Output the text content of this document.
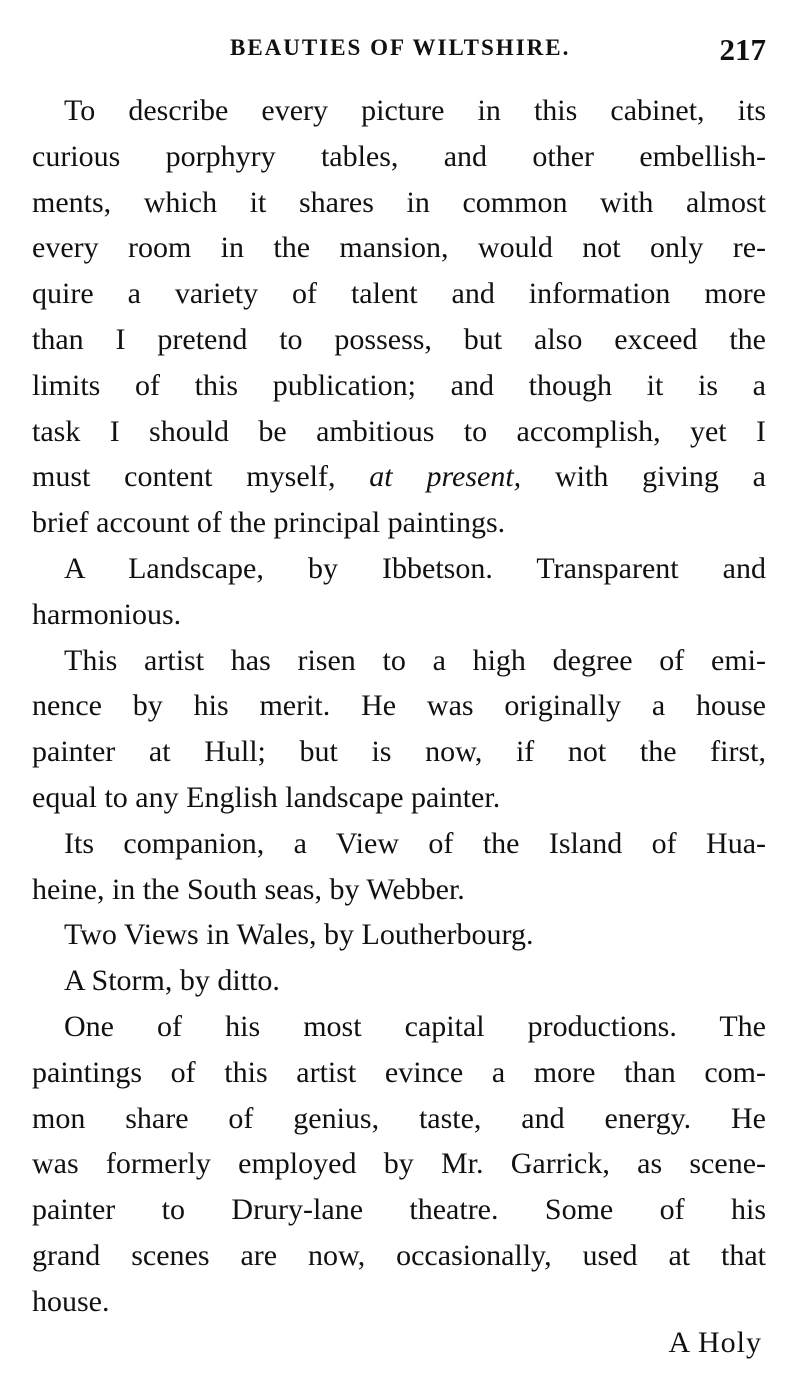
BEAUTIES OF WILTSHIRE.	217

To describe every picture in this cabinet, its
curious porphyry tables, and other embellish-
ments, which it shares in common with almost
every room in the mansion, would not only re-
quire a variety of talent and information more
than I pretend to possess, but also exceed the
limits of this publication; and though it is a
task I should be ambitious to accomplish, yet I
must content myself, at present, with giving a
brief account of the principal paintings.

A Landscape, by Ibbetson. Transparent and
harmonious.

This artist has risen to a high degree of emi-
nence by his merit. He was originally a house
painter at Hull; but is now, if not the first,
equal to any English landscape painter.

Its companion, a View of the Island of Hua-
heine, in the South seas, by Webber.

Two Views in Wales, by Loutherbourg.

A Storm, by ditto.

One of his most capital productions. The
paintings of this artist evince a more than com-
mon share of genius, taste, and energy. He
was formerly employed by Mr. Garrick, as scene-
painter to Drury-lane theatre. Some of his
grand scenes are now, occasionally, used at that
house.

A Holy
